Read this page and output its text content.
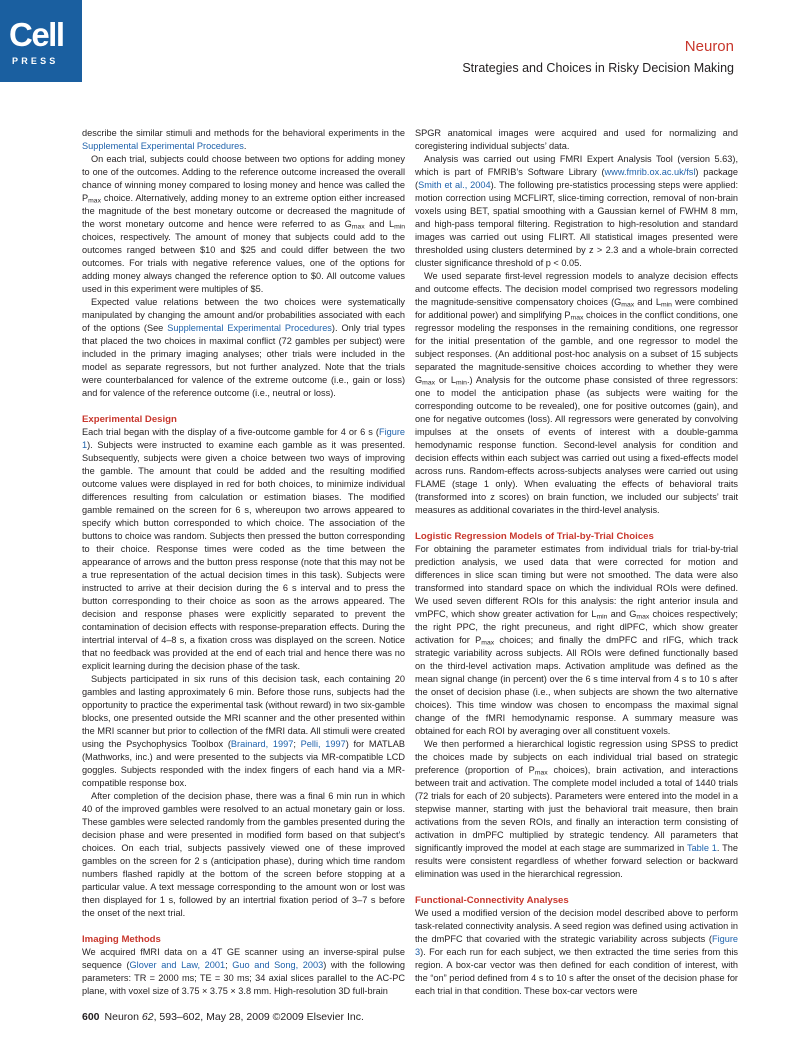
Cell
PRESS
Neuron
Strategies and Choices in Risky Decision Making

describe the similar stimuli and methods for the behavioral experiments in the Supplemental Experimental Procedures.

On each trial, subjects could choose between two options for adding money to one of the outcomes. Adding to the reference outcome increased the overall chance of winning money compared to losing money and hence was called the $P_{max}$ choice. Alternatively, adding money to an extreme option either increased the magnitude of the best monetary outcome or decreased the magnitude of the worst monetary outcome and hence were referred to as $G_{max}$ and $L_{min}$ choices, respectively. The amount of money that subjects could add to the outcomes ranged between $10 and $25 and could differ between the two outcomes. For trials with negative reference values, one of the options for adding money always changed the reference option to $0. All outcome values used in this experiment were multiples of $5.

Expected value relations between the two choices were systematically manipulated by changing the amount and/or probabilities associated with each of the options (See Supplemental Experimental Procedures). Only trial types that placed the two choices in maximal conflict (72 gambles per subject) were included in the primary imaging analyses; other trials were included in the model as separate regressors, but not further analyzed. Note that the trials were counterbalanced for valence of the extreme outcome (i.e., gain or loss) and for valence of the reference outcome (i.e., neutral or loss).

Experimental Design

Each trial began with the display of a five-outcome gamble for 4 or 6 s (Figure 1). Subjects were instructed to examine each gamble as it was presented. Subsequently, subjects were given a choice between two ways of improving the gamble. The amount that could be added and the resulting modified outcome values were displayed in red for both choices, to minimize individual differences resulting from calculation or estimation biases. The modified gamble remained on the screen for 6 s, whereupon two arrows appeared to specify which button corresponded to which choice. The association of the buttons to choice was random. Subjects then pressed the button corresponding to their choice. Response times were coded as the time between the appearance of arrows and the button press response (note that this may not be a true representation of the actual decision times in this task). Subjects were instructed to arrive at their decision during the 6 s interval and to press the button corresponding to their choice as soon as the arrows appeared. The decision and response phases were explicitly separated to prevent the contamination of decision effects with response-preparation effects. During the intertrial interval of 4–8 s, a fixation cross was displayed on the screen. Notice that no feedback was provided at the end of each trial and hence there was no explicit learning during the decision phase of the task.

Subjects participated in six runs of this decision task, each containing 20 gambles and lasting approximately 6 min. Before those runs, subjects had the opportunity to practice the experimental task (without reward) in two six-gamble blocks, one presented outside the MRI scanner and the other presented within the MRI scanner but prior to collection of the fMRI data. All stimuli were created using the Psychophysics Toolbox (Brainard, 1997; Pelli, 1997) for MATLAB (Mathworks, inc.) and were presented to the subjects via MR-compatible LCD goggles. Subjects responded with the index fingers of each hand via a MR-compatible response box.

After completion of the decision phase, there was a final 6 min run in which 40 of the improved gambles were resolved to an actual monetary gain or loss. These gambles were selected randomly from the gambles presented during the decision phase and were presented in modified form based on that subject’s choices. On each trial, subjects passively viewed one of these improved gambles on the screen for 2 s (anticipation phase), during which time random numbers flashed rapidly at the bottom of the screen before stopping at a particular value. A text message corresponding to the amount won or lost was then displayed for 1 s, followed by an intertrial fixation period of 3–7 s before the onset of the next trial.

Imaging Methods

We acquired fMRI data on a 4T GE scanner using an inverse-spiral pulse sequence (Glover and Law, 2001; Guo and Song, 2003) with the following parameters: TR = 2000 ms; TE = 30 ms; 34 axial slices parallel to the AC-PC plane, with voxel size of 3.75 × 3.75 × 3.8 mm. High-resolution 3D full-brain

SPGR anatomical images were acquired and used for normalizing and coregistering individual subjects’ data.

Analysis was carried out using FMRI Expert Analysis Tool (version 5.63), which is part of FMRIB’s Software Library (www.fmrib.ox.ac.uk/fsl) package (Smith et al., 2004). The following pre-statistics processing steps were applied: motion correction using MCFLIRT, slice-timing correction, removal of non-brain voxels using BET, spatial smoothing with a Gaussian kernel of FWHM 8 mm, and high-pass temporal filtering. Registration to high-resolution and standard images was carried out using FLIRT. All statistical images presented were thresholded using clusters determined by z > 2.3 and a whole-brain corrected cluster significance threshold of p < 0.05.

We used separate first-level regression models to analyze decision effects and outcome effects. The decision model comprised two regressors modeling the magnitude-sensitive compensatory choices ($G_{max}$ and $L_{min}$ were combined for additional power) and simplifying $P_{max}$ choices in the conflict conditions, one regressor modeling the responses in the remaining conditions, one regressor for the initial presentation of the gamble, and one regressor to model the subject responses. (An additional post-hoc analysis on a subset of 15 subjects separated the magnitude-sensitive choices according to whether they were $G_{max}$ or $L_{min}$.) Analysis for the outcome phase consisted of three regressors: one to model the anticipation phase (as subjects were waiting for the corresponding outcome to be revealed), one for positive outcomes (gain), and one for negative outcomes (loss). All regressors were generated by convolving impulses at the onsets of events of interest with a double-gamma hemodynamic response function. Second-level analysis for condition and decision effects within each subject was carried out using a fixed-effects model across runs. Random-effects across-subjects analyses were carried out using FLAME (stage 1 only). When evaluating the effects of behavioral traits (transformed into z scores) on brain function, we included our subjects’ trait measures as additional covariates in the third-level analysis.

Logistic Regression Models of Trial-by-Trial Choices

For obtaining the parameter estimates from individual trials for trial-by-trial prediction analysis, we used data that were corrected for motion and differences in slice scan timing but were not smoothed. The data were also transformed into standard space on which the individual ROIs were defined. We used seven different ROIs for this analysis: the right anterior insula and vmPFC, which show greater activation for $L_{min}$ and $G_{max}$ choices respectively; the right PPC, the right precuneus, and right dlPFC, which show greater activation for $P_{max}$ choices; and finally the dmPFC and rIFG, which track strategic variability across subjects. All ROIs were defined functionally based on the third-level activation maps. Activation amplitude was defined as the mean signal change (in percent) over the 6 s time interval from 4 s to 10 s after the onset of decision phase (i.e., when subjects are shown the two alternative choices). This time window was chosen to encompass the maximal signal change of the fMRI hemodynamic response. A summary measure was obtained for each ROI by averaging over all constituent voxels.

We then performed a hierarchical logistic regression using SPSS to predict the choices made by subjects on each individual trial based on strategic preference (proportion of $P_{max}$ choices), brain activation, and interactions between trait and activation. The complete model included a total of 1440 trials (72 trials for each of 20 subjects). Parameters were entered into the model in a stepwise manner, starting with just the behavioral trait measure, then brain activations from the seven ROIs, and finally an interaction term consisting of activation in dmPFC multiplied by strategic tendency. All parameters that significantly improved the model at each stage are summarized in Table 1. The results were consistent regardless of whether forward selection or backward elimination was used in the hierarchical regression.

Functional-Connectivity Analyses

We used a modified version of the decision model described above to perform task-related connectivity analysis. A seed region was defined using activation in the dmPFC that covaried with the strategic variability across subjects (Figure 3). For each run for each subject, we then extracted the time series from this region. A box-car vector was then defined for each condition of interest, with the “on” period defined from 4 s to 10 s after the onset of the decision phase for each trial in that condition. These box-car vectors were

600 Neuron 62, 593–602, May 28, 2009 ©2009 Elsevier Inc.
